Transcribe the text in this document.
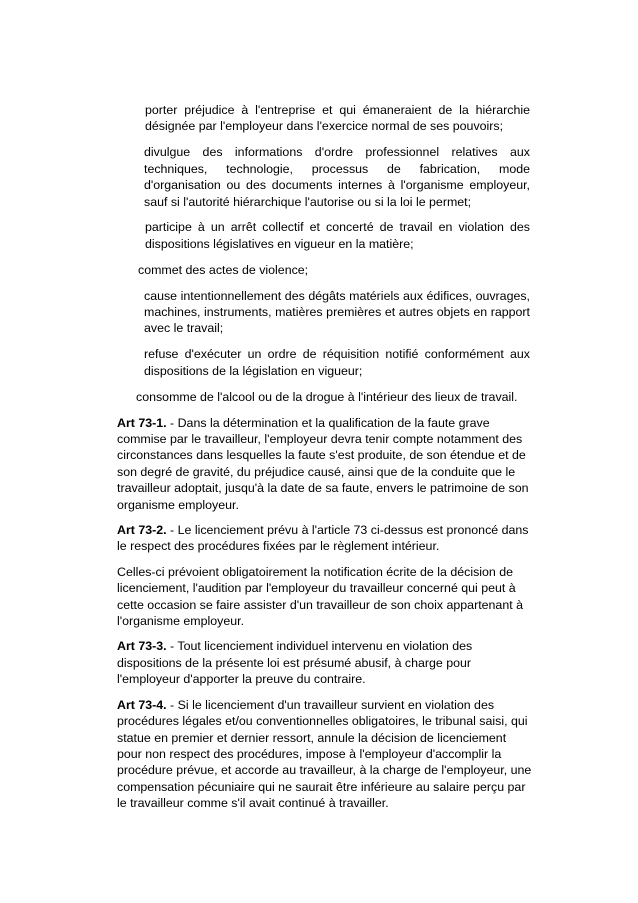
porter préjudice à l'entreprise et qui émaneraient de la hiérarchie désignée par l'employeur dans l'exercice normal de ses pouvoirs;
divulgue des informations d'ordre professionnel relatives aux techniques, technologie, processus de fabrication, mode d'organisation ou des documents internes à l'organisme employeur, sauf si l'autorité hiérarchique l'autorise ou si la loi le permet;
participe à un arrêt collectif et concerté de travail en violation des dispositions législatives en vigueur en la matière;
commet des actes de violence;
cause intentionnellement des dégâts matériels aux édifices, ouvrages, machines, instruments, matières premières et autres objets en rapport avec le travail;
refuse d'exécuter un ordre de réquisition notifié conformément aux dispositions de la législation en vigueur;
consomme de l'alcool ou de la drogue à l'intérieur des lieux de travail.
Art 73-1. - Dans la détermination et la qualification de la faute grave commise par le travailleur, l'employeur devra tenir compte notamment des circonstances dans lesquelles la faute s'est produite, de son étendue et de son degré de gravité, du préjudice causé, ainsi que de la conduite que le travailleur adoptait, jusqu'à la date de sa faute, envers le patrimoine de son organisme employeur.
Art 73-2. - Le licenciement prévu à l'article 73 ci-dessus est prononcé dans le respect des procédures fixées par le règlement intérieur.
Celles-ci prévoient obligatoirement la notification écrite de la décision de licenciement, l'audition par l'employeur du travailleur concerné qui peut à cette occasion se faire assister d'un travailleur de son choix appartenant à l'organisme employeur.
Art 73-3. - Tout licenciement individuel intervenu en violation des dispositions de la présente loi est présumé abusif, à charge pour l'employeur d'apporter la preuve du contraire.
Art 73-4. - Si le licenciement d'un travailleur survient en violation des procédures légales et/ou conventionnelles obligatoires, le tribunal saisi, qui statue en premier et dernier ressort, annule la décision de licenciement pour non respect des procédures, impose à l'employeur d'accomplir la procédure prévue, et accorde au travailleur, à la charge de l'employeur, une compensation pécuniaire qui ne saurait être inférieure au salaire perçu par le travailleur comme s'il avait continué à travailler.
